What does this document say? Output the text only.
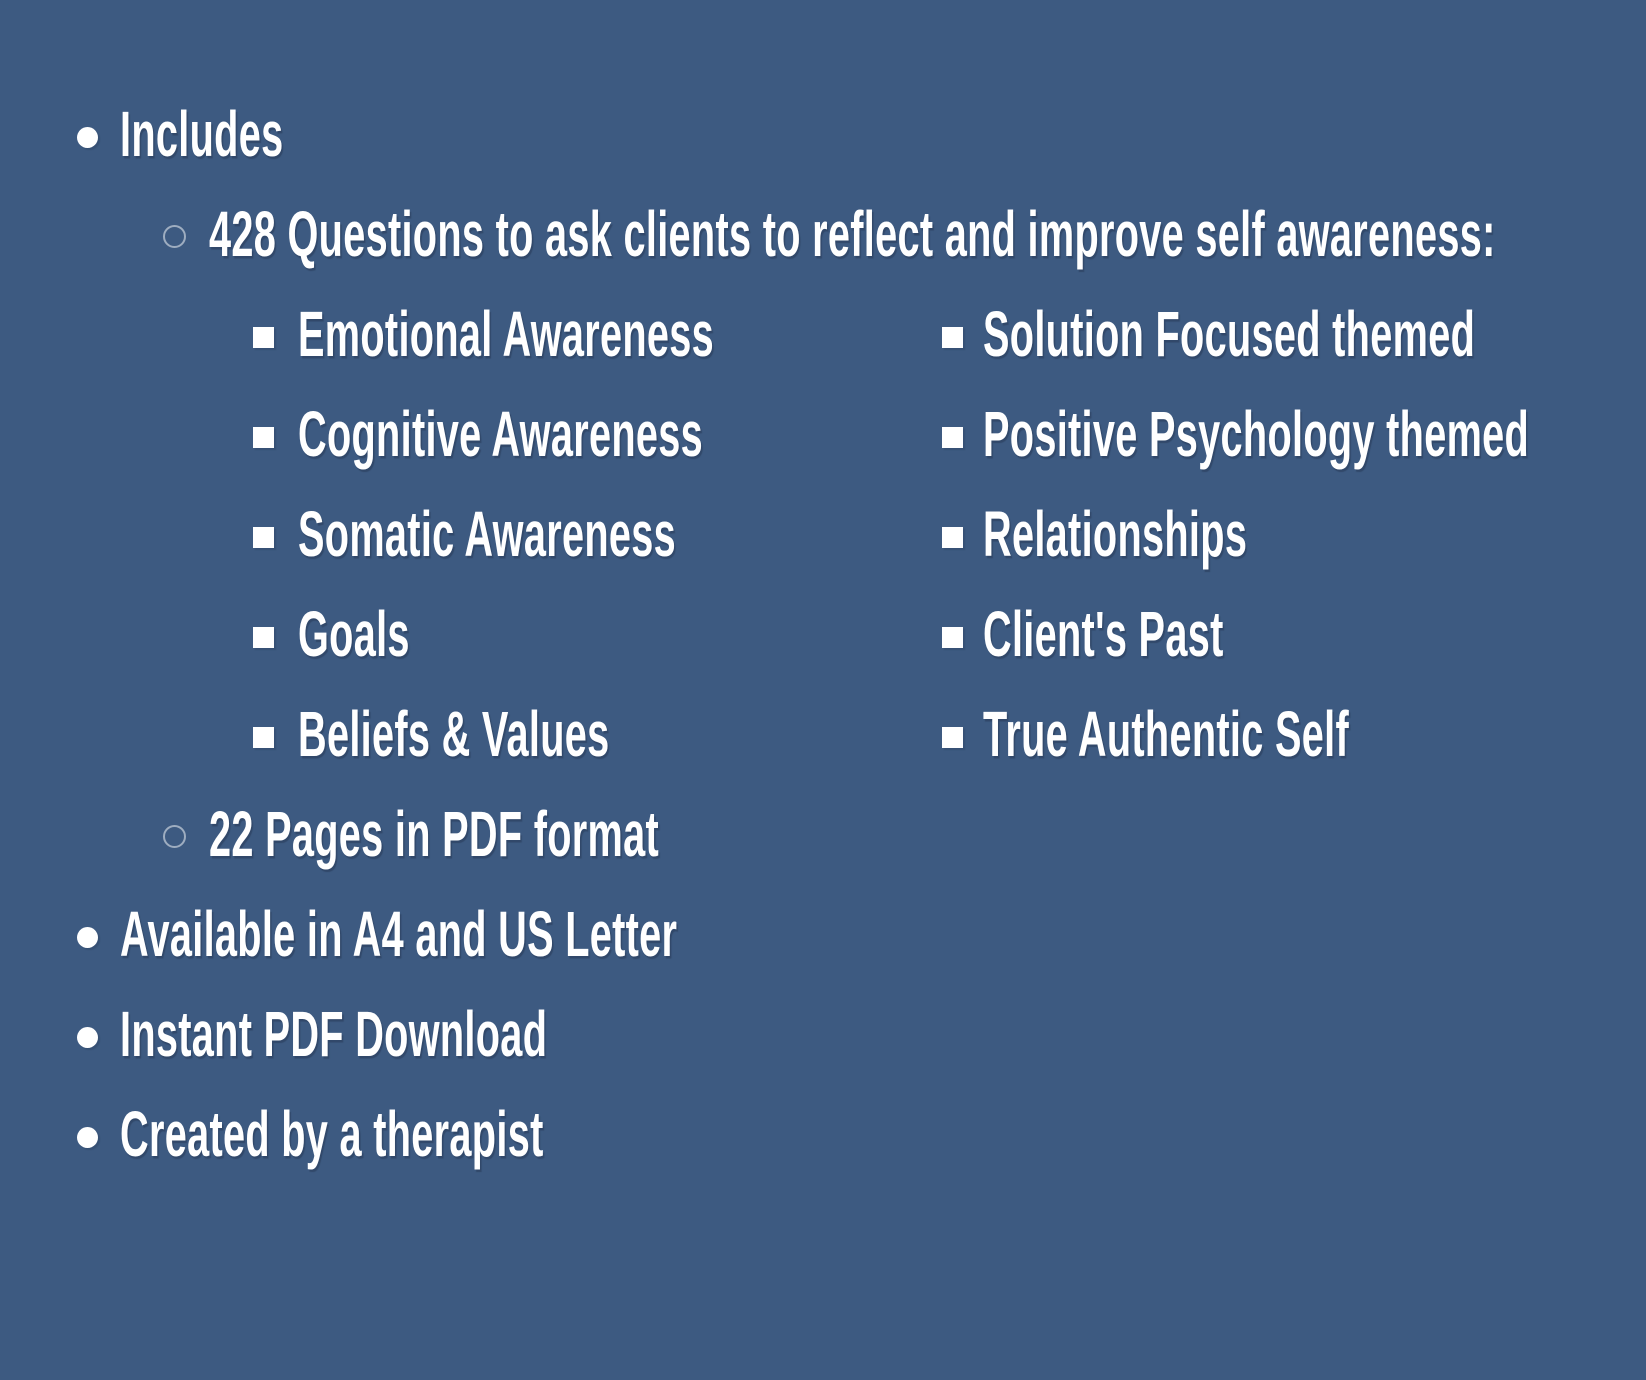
Includes
428 Questions to ask clients to reflect and improve self awareness:
Emotional Awareness
Cognitive Awareness
Somatic Awareness
Goals
Beliefs & Values
Solution Focused themed
Positive Psychology themed
Relationships
Client's Past
True Authentic Self
22 Pages in PDF format
Available in A4 and US Letter
Instant PDF Download
Created by a therapist
